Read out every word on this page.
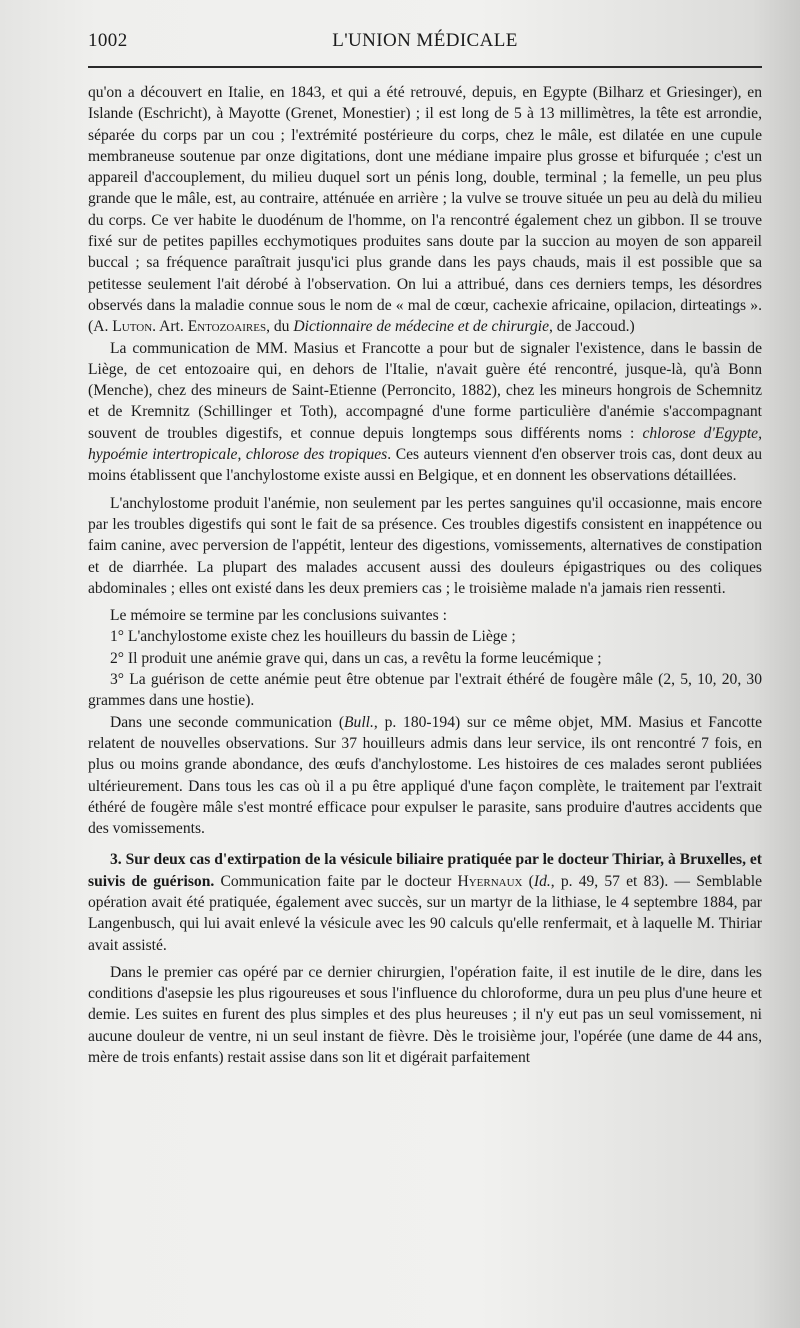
1002	L'UNION MÉDICALE

qu'on a découvert en Italie, en 1843, et qui a été retrouvé, depuis, en Egypte (Bilharz et Griesinger), en Islande (Eschricht), à Mayotte (Grenet, Monestier) ; il est long de 5 à 13 millimètres, la tête est arrondie, séparée du corps par un cou ; l'extrémité postérieure du corps, chez le mâle, est dilatée en une cupule membraneuse soutenue par onze digitations, dont une médiane impaire plus grosse et bifurquée ; c'est un appareil d'accouplement, du milieu duquel sort un pénis long, double, terminal ; la femelle, un peu plus grande que le mâle, est, au contraire, atténuée en arrière ; la vulve se trouve située un peu au delà du milieu du corps. Ce ver habite le duodénum de l'homme, on l'a rencontré également chez un gibbon. Il se trouve fixé sur de petites papilles ecchymotiques produites sans doute par la succion au moyen de son appareil buccal ; sa fréquence paraîtrait jusqu'ici plus grande dans les pays chauds, mais il est possible que sa petitesse seulement l'ait dérobé à l'observation. On lui a attribué, dans ces derniers temps, les désordres observés dans la maladie connue sous le nom de « mal de cœur, cachexie africaine, opilacion, dirteatings ». (A. Luton. Art. Entozoaires, du Dictionnaire de médecine et de chirurgie, de Jaccoud.)

La communication de MM. Masius et Francotte a pour but de signaler l'existence, dans le bassin de Liège, de cet entozoaire qui, en dehors de l'Italie, n'avait guère été rencontré, jusque-là, qu'à Bonn (Menche), chez des mineurs de Saint-Etienne (Perroncito, 1882), chez les mineurs hongrois de Schemnitz et de Kremnitz (Schillinger et Toth), accompagné d'une forme particulière d'anémie s'accompagnant souvent de troubles digestifs, et connue depuis longtemps sous différents noms : chlorose d'Egypte, hypoémie intertropicale, chlorose des tropiques. Ces auteurs viennent d'en observer trois cas, dont deux au moins établissent que l'anchylostome existe aussi en Belgique, et en donnent les observations détaillées.

L'anchylostome produit l'anémie, non seulement par les pertes sanguines qu'il occasionne, mais encore par les troubles digestifs qui sont le fait de sa présence. Ces troubles digestifs consistent en inappétence ou faim canine, avec perversion de l'appétit, lenteur des digestions, vomissements, alternatives de constipation et de diarrhée. La plupart des malades accusent aussi des douleurs épigastriques ou des coliques abdominales ; elles ont existé dans les deux premiers cas ; le troisième malade n'a jamais rien ressenti.

Le mémoire se termine par les conclusions suivantes :

1° L'anchylostome existe chez les houilleurs du bassin de Liège ;

2° Il produit une anémie grave qui, dans un cas, a revêtu la forme leucémique ;

3° La guérison de cette anémie peut être obtenue par l'extrait éthéré de fougère mâle (2, 5, 10, 20, 30 grammes dans une hostie).

Dans une seconde communication (Bull., p. 180-194) sur ce même objet, MM. Masius et Fancotte relatent de nouvelles observations. Sur 37 houilleurs admis dans leur service, ils ont rencontré 7 fois, en plus ou moins grande abondance, des œufs d'anchylostome. Les histoires de ces malades seront publiées ultérieurement. Dans tous les cas où il a pu être appliqué d'une façon complète, le traitement par l'extrait éthéré de fougère mâle s'est montré efficace pour expulser le parasite, sans produire d'autres accidents que des vomissements.

3. Sur deux cas d'extirpation de la vésicule biliaire pratiquée par le docteur Thiriar, à Bruxelles, et suivis de guérison. Communication faite par le docteur Hyernaux (Id., p. 49, 57 et 83). — Semblable opération avait été pratiquée, également avec succès, sur un martyr de la lithiase, le 4 septembre 1884, par Langenbusch, qui lui avait enlevé la vésicule avec les 90 calculs qu'elle renfermait, et à laquelle M. Thiriar avait assisté.

Dans le premier cas opéré par ce dernier chirurgien, l'opération faite, il est inutile de le dire, dans les conditions d'asepsie les plus rigoureuses et sous l'influence du chloroforme, dura un peu plus d'une heure et demie. Les suites en furent des plus simples et des plus heureuses ; il n'y eut pas un seul vomissement, ni aucune douleur de ventre, ni un seul instant de fièvre. Dès le troisième jour, l'opérée (une dame de 44 ans, mère de trois enfants) restait assise dans son lit et digérait parfaitement
